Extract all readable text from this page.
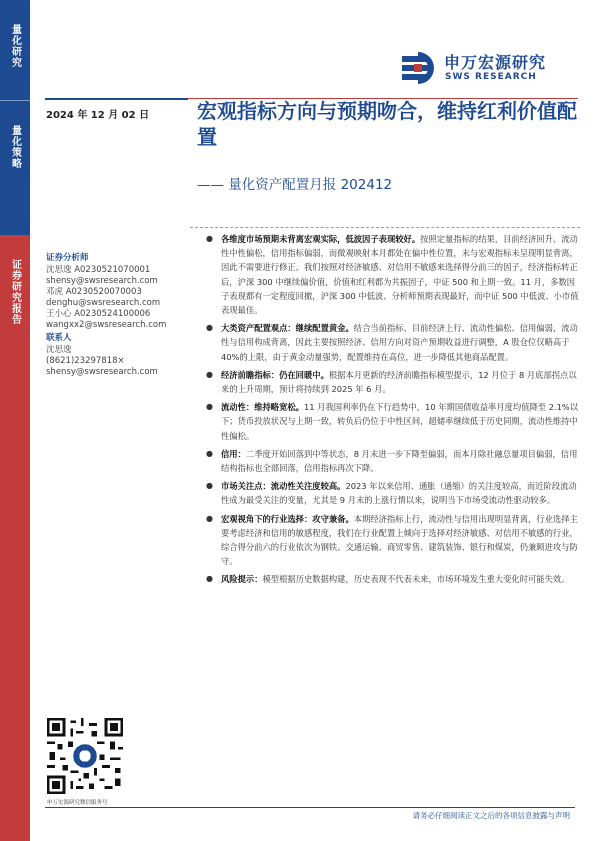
量化研究
量化策略
证券研究报告
申万宏源研究
SWS RESEARCH
2024 年 12 月 02 日 宏观指标方向与预期吻合，维持红利价值配置
—— 量化资产配置月报 202412
证券分析师
沈思逸 A0230521070001
shensy@swsresearch.com
邓虎 A0230520070003
denghu@swsresearch.com
王小心 A0230524100006
wangxx2@swsresearch.com
联系人
沈思逸
(8621)23297818×
shensy@swsresearch.com
● 各维度市场预期未背离宏观实际，低波因子表现较好。按照定量指标的结果，目前经济回升、流动性中性偏松，信用指标偏弱，而微观映射本月都处在偏中性位置，未与宏观指标未呈现明显背离，因此不需要进行修正。我们按照对经济敏感、对信用不敏感来选择得分前三的因子，经济指标转正后，沪深 300 中继续偏价值，价值和红利都为共振因子，中证 500 和上期一致。11 月，多数因子表现都有一定程度回撤，沪深 300 中低波、分析师预期表现最好，而中证 500 中低波、小市值表现最佳。
● 大类资产配置观点：继续配置黄金。结合当前指标、目前经济上行、流动性偏松、信用偏弱，流动性与信用构成背离，因此主要按照经济、信用方向对资产预期收益进行调整，A 股仓位仅略高于 40%的上限，由于黄金动量强势，配置维持在高位，进一步降低其他商品配置。
● 经济前瞻指标：仍在回暖中。根据本月更新的经济前瞻指标模型提示，12 月位于 8 月底部拐点以来的上升周期，预计将持续到 2025 年 6 月。
● 流动性：维持略宽松。11 月我国利率仍在下行趋势中，10 年期国债收益率月度均值降至 2.1%以下；货币投放状况与上期一致，转负后仍位于中性区间，超储率继续低于历史同期，流动性维持中性偏松。
● 信用：二季度开始回落到中等状态，8 月末进一步下降至偏弱，而本月除社融总量项目偏弱，信用结构指标也全部回落，信用指标再次下降。
● 市场关注点：流动性关注度较高。2023 年以来信用、通胀（通缩）的关注度较高，而近阶段流动性成为最受关注的变量，尤其是 9 月末的上涨行情以来，说明当下市场受流动性驱动较多。
● 宏观视角下的行业选择：攻守兼备。本期经济指标上行，流动性与信用出现明显背离，行业选择主要考虑经济和信用的敏感程度，我们在行业配置上倾向于选择对经济敏感、对信用不敏感的行业，综合得分前六的行业依次为钢铁、交通运输、商贸零售、建筑装饰、银行和煤炭，仍兼顾进攻与防守。
● 风险提示：模型根据历史数据构建，历史表现不代表未来，市场环境发生重大变化时可能失效。
申万宏源研究微信服务号
请务必仔细阅读正文之后的各项信息披露与声明
